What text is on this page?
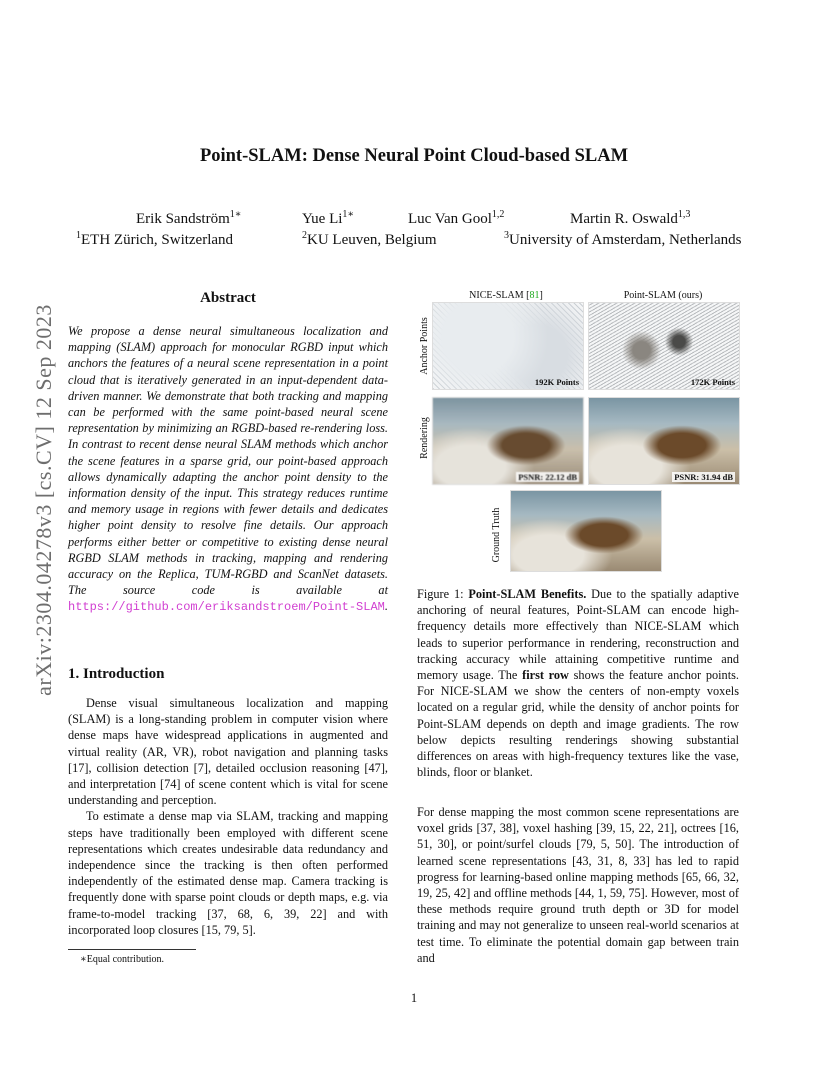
arXiv:2304.04278v3 [cs.CV] 12 Sep 2023
Point-SLAM: Dense Neural Point Cloud-based SLAM
Erik Sandström$^{1∗}$	Yue $Li^{1∗}$	Luc Van Gool$^{1,2}$	Martin R. Oswald$^{1,3}$
$^1$ETH Zürich, Switzerland	$^2$KU Leuven, Belgium	$^3$University of Amsterdam, Netherlands
Abstract

We propose a dense neural simultaneous localization and mapping (SLAM) approach for monocular RGBD input which anchors the features of a neural scene representation in a point cloud that is iteratively generated in an input-dependent data-driven manner. We demonstrate that both tracking and mapping can be performed with the same point-based neural scene representation by minimizing an RGBD-based re-rendering loss. In contrast to recent dense neural SLAM methods which anchor the scene features in a sparse grid, our point-based approach allows dynamically adapting the anchor point density to the information density of the input. This strategy reduces runtime and memory usage in regions with fewer details and dedicates higher point density to resolve fine details. Our approach performs either better or competitive to existing dense neural RGBD SLAM methods in tracking, mapping and rendering accuracy on the Replica, TUM-RGBD and ScanNet datasets. The source code is available at https://github.com/eriksandstroem/Point-SLAM.

1. Introduction

Dense visual simultaneous localization and mapping (SLAM) is a long-standing problem in computer vision where dense maps have widespread applications in augmented and virtual reality (AR, VR), robot navigation and planning tasks [17], collision detection [7], detailed occlusion reasoning [47], and interpretation [74] of scene content which is vital for scene understanding and perception.

To estimate a dense map via SLAM, tracking and mapping steps have traditionally been employed with different scene representations which creates undesirable data redundancy and independence since the tracking is then often performed independently of the estimated dense map. Camera tracking is frequently done with sparse point clouds or depth maps, e.g. via frame-to-model tracking [37, 68, 6, 39, 22] and with incorporated loop closures [15, 79, 5].

NICE-SLAM [81]	Point-SLAM (ours)
Anchor Points
Rendering
Ground Truth
192K Points	172K Points
PSNR: 22.12 dB	PSNR: 31.94 dB

Figure 1: Point-SLAM Benefits. Due to the spatially adaptive anchoring of neural features, Point-SLAM can encode high-frequency details more effectively than NICE-SLAM which leads to superior performance in rendering, reconstruction and tracking accuracy while attaining competitive runtime and memory usage. The first row shows the feature anchor points. For NICE-SLAM we show the centers of non-empty voxels located on a regular grid, while the density of anchor points for Point-SLAM depends on depth and image gradients. The row below depicts resulting renderings showing substantial differences on areas with high-frequency textures like the vase, blinds, floor or blanket.

For dense mapping the most common scene representations are voxel grids [37, 38], voxel hashing [39, 15, 22, 21], octrees [16, 51, 30], or point/surfel clouds [79, 5, 50]. The introduction of learned scene representations [43, 31, 8, 33] has led to rapid progress for learning-based online mapping methods [65, 66, 32, 19, 25, 42] and offline methods [44, 1, 59, 75]. However, most of these methods require ground truth depth or 3D for model training and may not generalize to unseen real-world scenarios at test time. To eliminate the potential domain gap between train and

∗Equal contribution.
1
